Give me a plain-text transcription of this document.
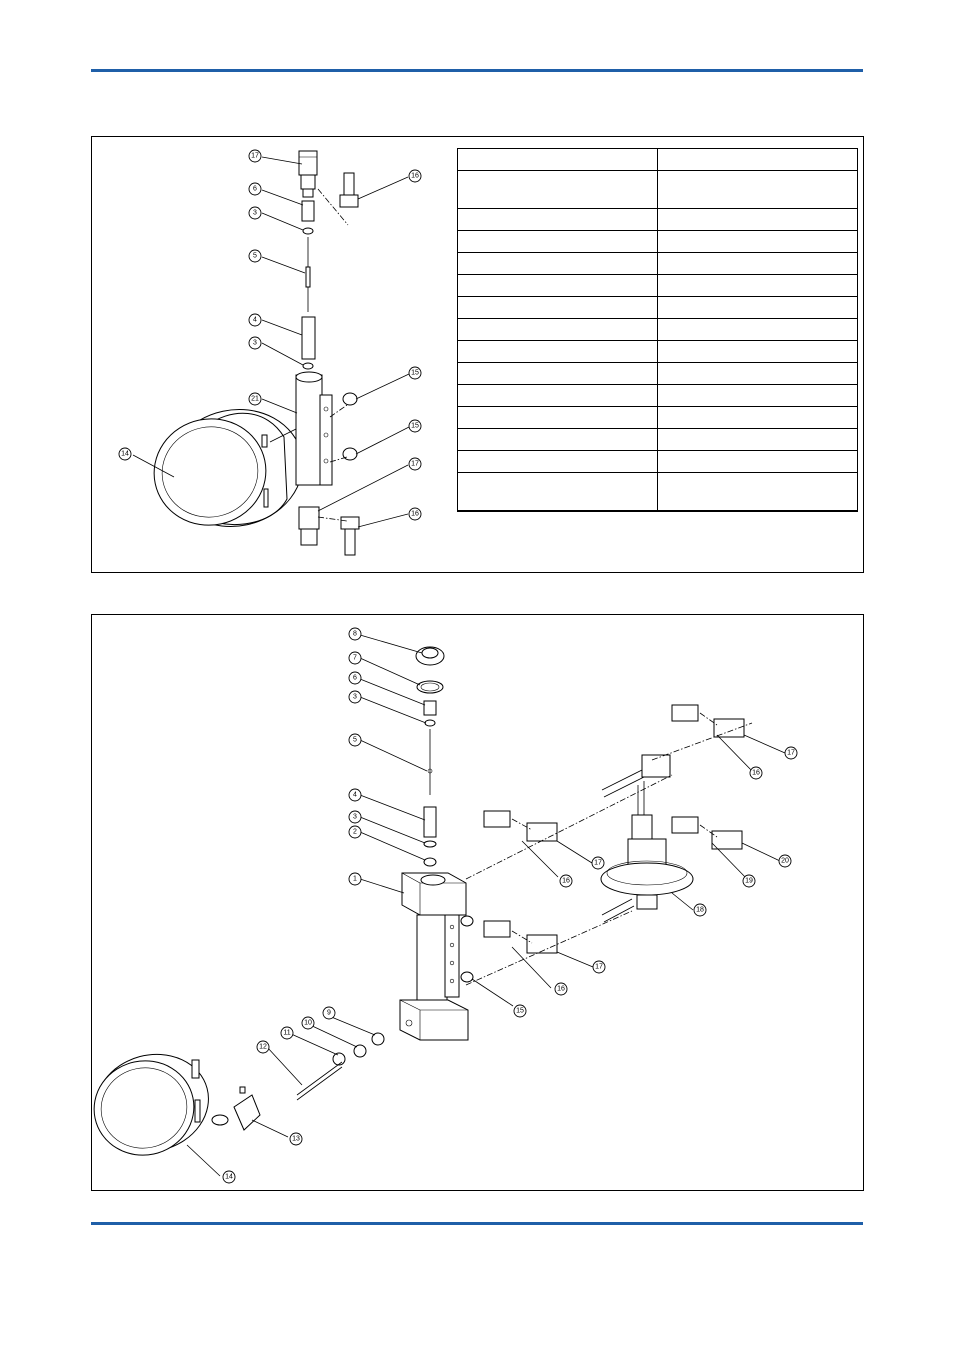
17
16
6
3
5
4
3
15
21
15
14
17
16

8
7
6
3
5
4
3
2
1	16
17
16
17
19
20
18
16
17
15
9
10
11
12
13
14
